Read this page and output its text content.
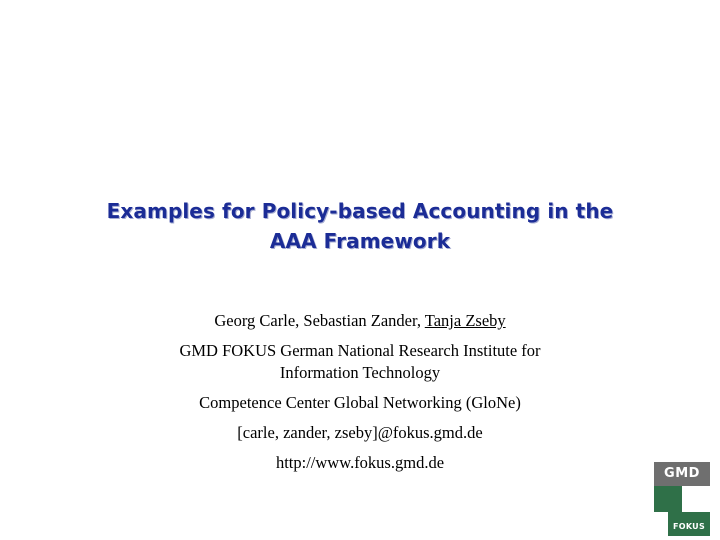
Examples for Policy-based Accounting in the
AAA Framework
Georg Carle, Sebastian Zander, Tanja Zseby
GMD FOKUS German National Research Institute for
Information Technology
Competence Center Global Networking (GloNe)
[carle, zander, zseby]@fokus.gmd.de
http://www.fokus.gmd.de
GMD
FOKUS
